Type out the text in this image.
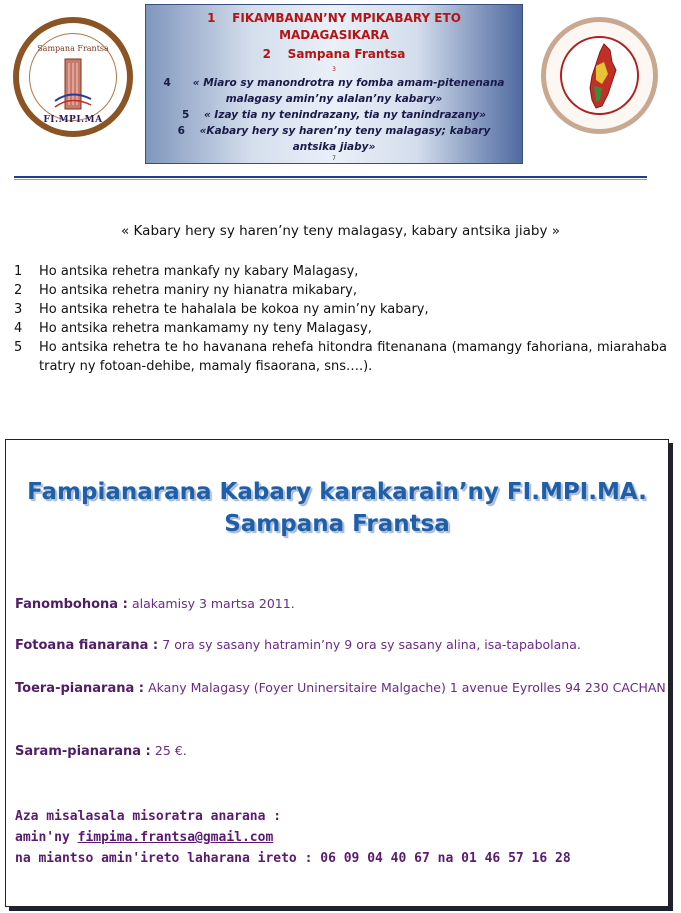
Sampana Frantsa
FI.MPI.MA
1 FIKAMBANAN’NY MPIKABARY ETO
MADAGASIKARA
2 Sampana Frantsa
3
4 « Miaro sy manondrotra ny fomba amam-pitenenana
malagasy amin’ny alalan’ny kabary»
5 « Izay tia ny tenindrazany, tia ny tanindrazany»
6 «Kabary hery sy haren’ny teny malagasy; kabary
antsika jiaby»
7
« Kabary hery sy haren’ny teny malagasy, kabary antsika jiaby »
1	Ho antsika rehetra mankafy ny kabary Malagasy,
2	Ho antsika rehetra maniry ny hianatra mikabary,
3	Ho antsika rehetra te hahalala be kokoa ny amin’ny kabary,
4	Ho antsika rehetra mankamamy ny teny Malagasy,
5	Ho antsika rehetra te ho havanana rehefa hitondra fitenanana (mamangy fahoriana, miarahaba tratry ny fotoan-dehibe, mamaly fisaorana, sns….).
Fampianarana Kabary karakarain’ny FI.MPI.MA.
Sampana Frantsa
Fanombohona : alakamisy 3 martsa 2011.
Fotoana fianarana : 7 ora sy sasany hatramin’ny 9 ora sy sasany alina, isa-tapabolana.
Toera-pianarana : Akany Malagasy (Foyer Uninersitaire Malgache) 1 avenue Eyrolles 94 230 CACHAN
Saram-pianarana : 25 €.
Aza misalasala misoratra anarana :
amin'ny fimpima.frantsa@gmail.com
na miantso amin'ireto laharana ireto : 06 09 04 40 67 na 01 46 57 16 28
